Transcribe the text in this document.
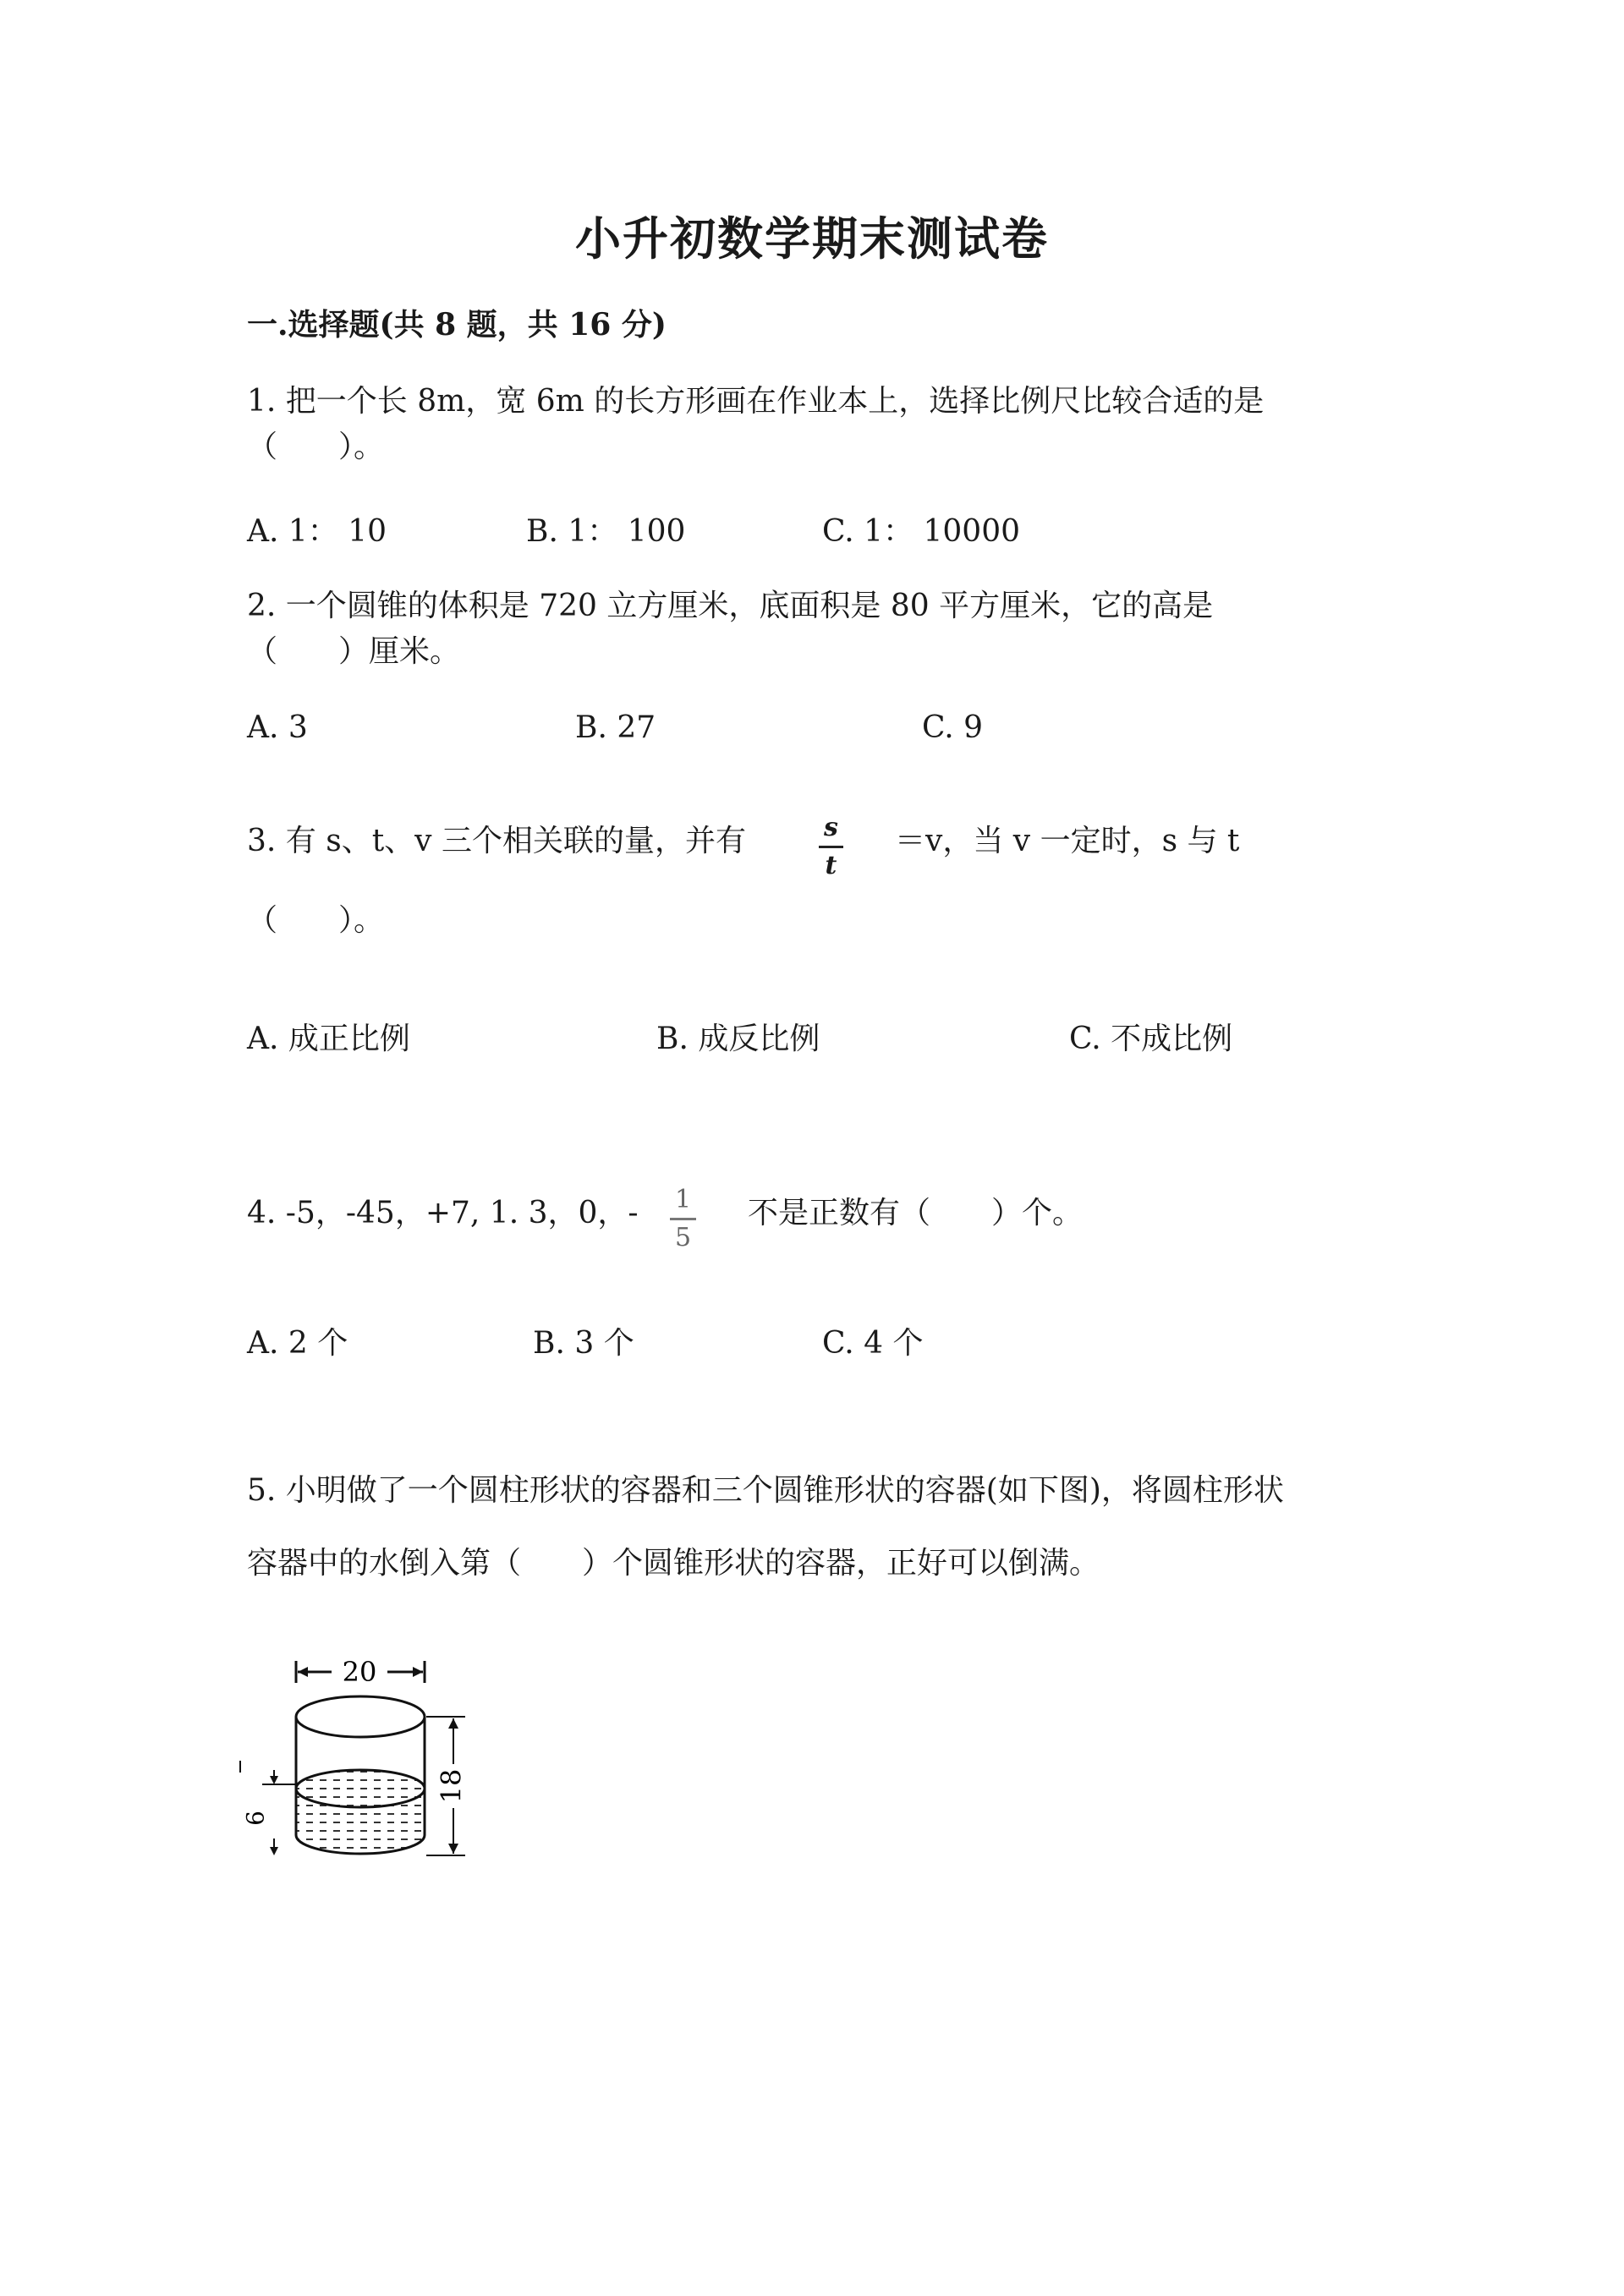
小升初数学期末测试卷
一.选择题(共 8 题，共 16 分)
1. 把一个长 8m，宽 6m 的长方形画在作业本上，选择比例尺比较合适的是
（　　）。
A. 1： 10	B. 1： 100	C. 1： 10000
2. 一个圆锥的体积是 720 立方厘米，底面积是 80 平方厘米，它的高是
（　　）厘米。
A. 3	B. 27	C. 9
3. 有 s、t、v 三个相关联的量，并有	s
t
＝v，当 v 一定时，s 与 t
（　　）。
A. 成正比例	B. 成反比例	C. 不成比例
4. -5，-45，+7, 1. 3，0，- 1
5
不是正数有（　　）个。
A. 2 个	B. 3 个	C. 4 个
5. 小明做了一个圆柱形状的容器和三个圆锥形状的容器(如下图)，将圆柱形状
容器中的水倒入第（　　）个圆锥形状的容器，正好可以倒满。
20
18
6
